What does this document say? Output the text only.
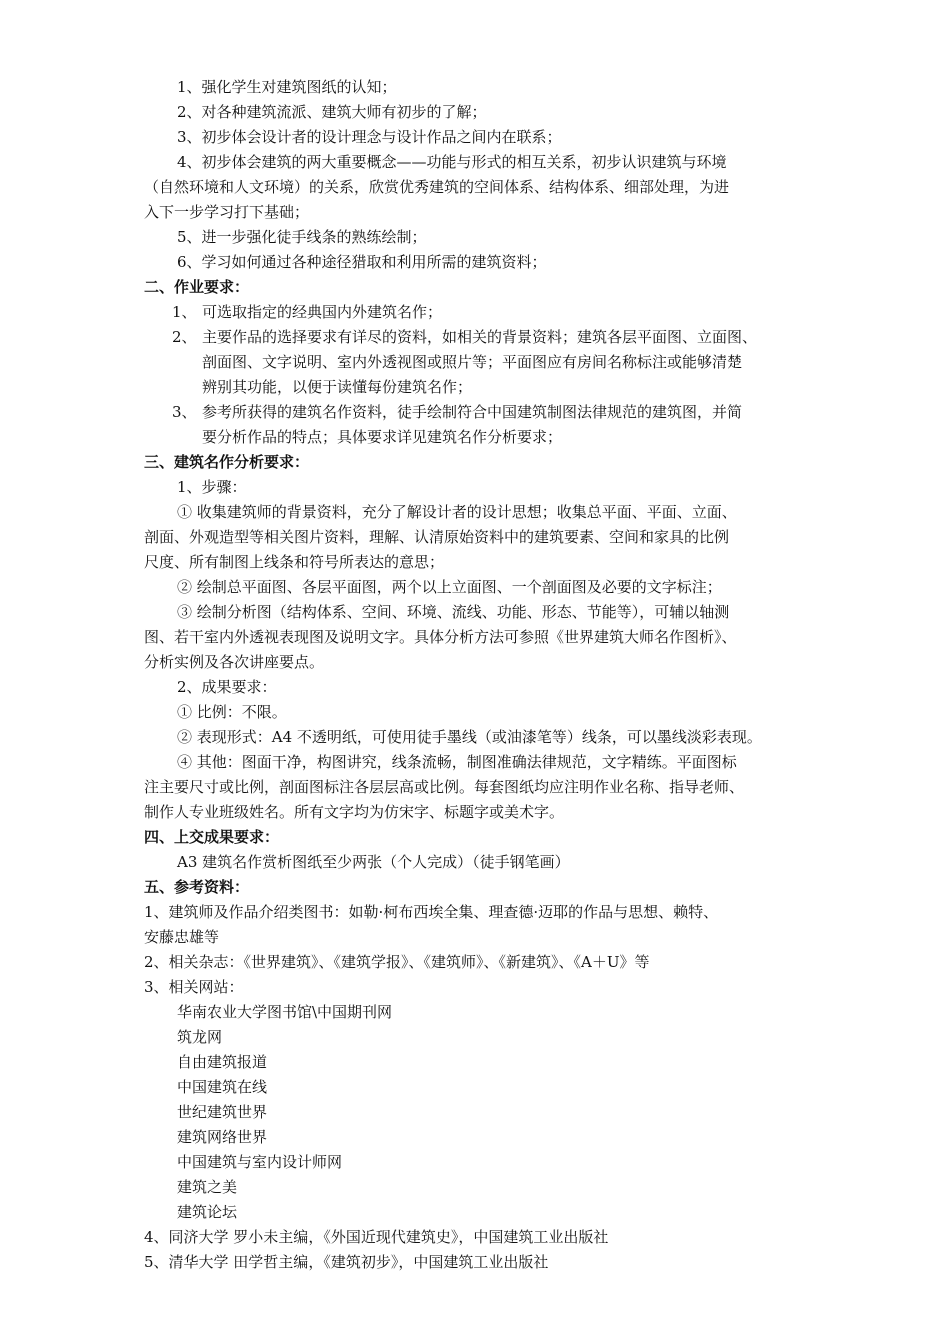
1、强化学生对建筑图纸的认知；
2、对各种建筑流派、建筑大师有初步的了解；
3、初步体会设计者的设计理念与设计作品之间内在联系；
4、初步体会建筑的两大重要概念——功能与形式的相互关系，初步认识建筑与环境
（自然环境和人文环境）的关系，欣赏优秀建筑的空间体系、结构体系、细部处理，为进
入下一步学习打下基础；
5、进一步强化徒手线条的熟练绘制；
6、学习如何通过各种途径猎取和利用所需的建筑资料；
二、作业要求：
1、 可选取指定的经典国内外建筑名作；
2、 主要作品的选择要求有详尽的资料，如相关的背景资料；建筑各层平面图、立面图、
剖面图、文字说明、室内外透视图或照片等；平面图应有房间名称标注或能够清楚
辨别其功能，以便于读懂每份建筑名作；
3、 参考所获得的建筑名作资料，徒手绘制符合中国建筑制图法律规范的建筑图，并简
要分析作品的特点；具体要求详见建筑名作分析要求；
三、建筑名作分析要求：
1、步骤：
① 收集建筑师的背景资料，充分了解设计者的设计思想；收集总平面、平面、立面、
剖面、外观造型等相关图片资料，理解、认清原始资料中的建筑要素、空间和家具的比例
尺度、所有制图上线条和符号所表达的意思；
② 绘制总平面图、各层平面图，两个以上立面图、一个剖面图及必要的文字标注；
③ 绘制分析图（结构体系、空间、环境、流线、功能、形态、节能等），可辅以轴测
图、若干室内外透视表现图及说明文字。具体分析方法可参照《世界建筑大师名作图析》、
分析实例及各次讲座要点。
2、成果要求：
① 比例：不限。
② 表现形式：A4 不透明纸，可使用徒手墨线（或油漆笔等）线条，可以墨线淡彩表现。
④ 其他：图面干净，构图讲究，线条流畅，制图准确法律规范，文字精练。平面图标
注主要尺寸或比例，剖面图标注各层层高或比例。每套图纸均应注明作业名称、指导老师、
制作人专业班级姓名。所有文字均为仿宋字、标题字或美术字。
四、上交成果要求：
A3 建筑名作赏析图纸至少两张（个人完成）（徒手钢笔画）
五、参考资料：
1、建筑师及作品介绍类图书：如勒·柯布西埃全集、理查德·迈耶的作品与思想、赖特、
安藤忠雄等
2、相关杂志：《世界建筑》、《建筑学报》、《建筑师》、《新建筑》、《A＋U》等
3、相关网站：
华南农业大学图书馆\中国期刊网
筑龙网
自由建筑报道
中国建筑在线
世纪建筑世界
建筑网络世界
中国建筑与室内设计师网
建筑之美
建筑论坛
4、同济大学 罗小未主编，《外国近现代建筑史》，中国建筑工业出版社
5、清华大学 田学哲主编，《建筑初步》，中国建筑工业出版社
